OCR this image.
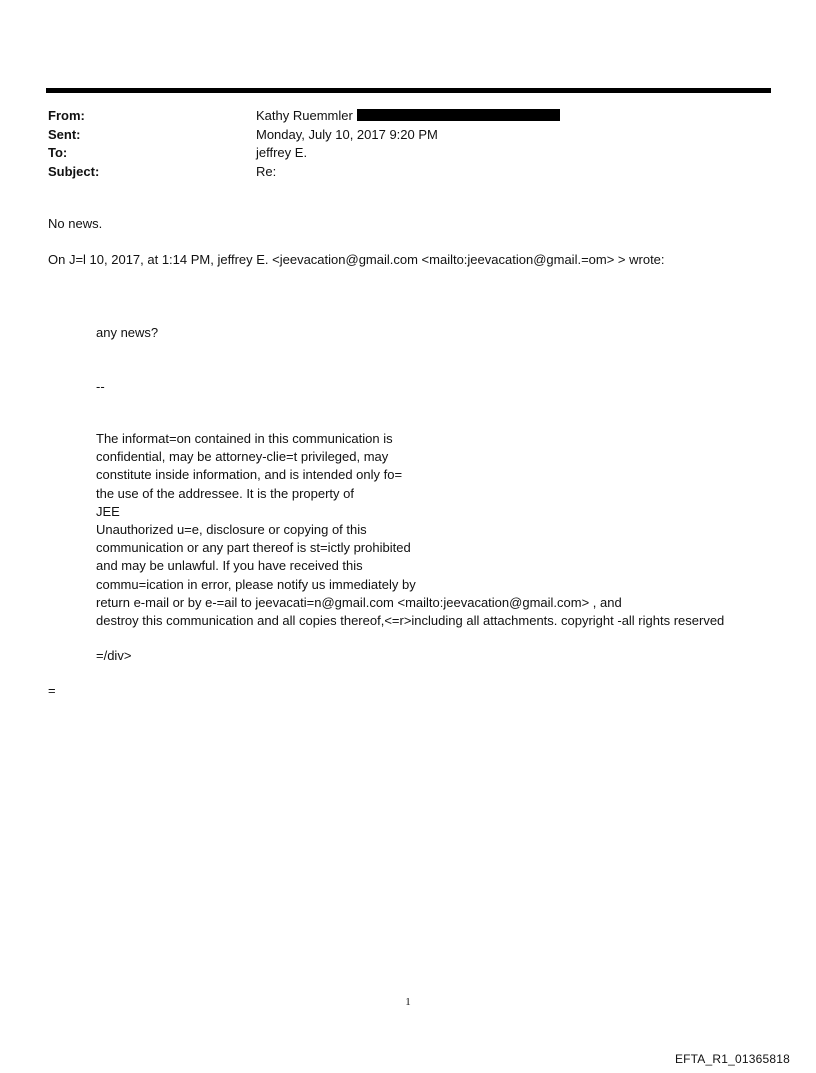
From:	Kathy Ruemmler
Sent:	Monday, July 10, 2017 9:20 PM
To:	jeffrey E.
Subject:	Re:
No news.
On J=l 10, 2017, at 1:14 PM, jeffrey E. <jeevacation@gmail.com <mailto:jeevacation@gmail.=om> > wrote:
any news?
--
The informat=on contained in this communication is
confidential, may be attorney-clie=t privileged, may
constitute inside information, and is intended only fo=
the use of the addressee. It is the property of
JEE
Unauthorized u=e, disclosure or copying of this
communication or any part thereof is st=ictly prohibited
and may be unlawful. If you have received this
commu=ication in error, please notify us immediately by
return e-mail or by e-=ail to jeevacati=n@gmail.com <mailto:jeevacation@gmail.com> , and
destroy this communication and all copies thereof,<=r>including all attachments. copyright -all rights reserved
=/div>
=
1
EFTA_R1_01365818
